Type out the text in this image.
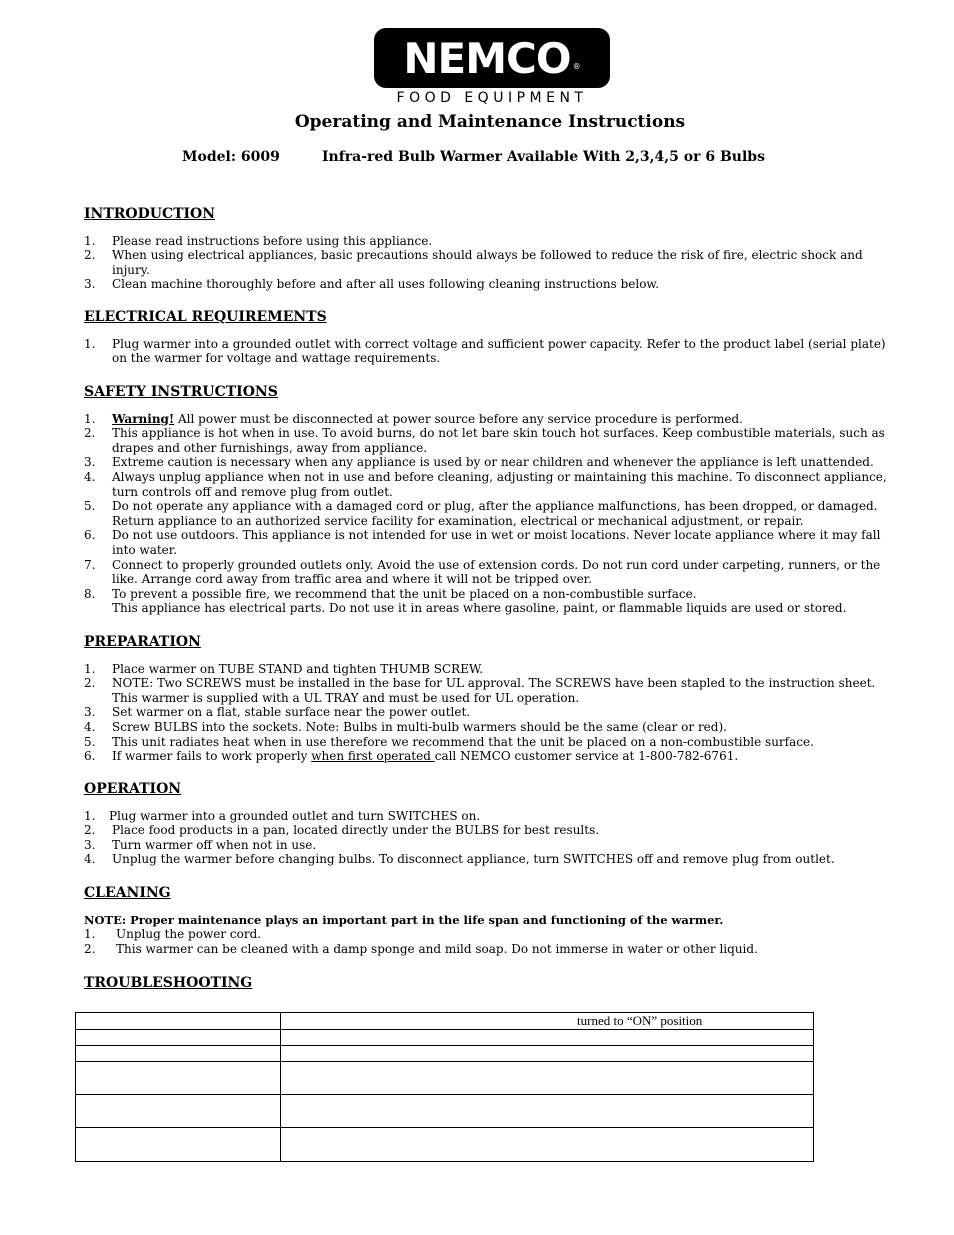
NEMCO ®
FOOD EQUIPMENT
Operating and Maintenance Instructions
Model: 6009	Infra-red Bulb Warmer Available With 2,3,4,5 or 6 Bulbs
INTRODUCTION
1. Please read instructions before using this appliance.
2. When using electrical appliances, basic precautions should always be followed to reduce the risk of fire, electric shock and injury.
3. Clean machine thoroughly before and after all uses following cleaning instructions below.
ELECTRICAL REQUIREMENTS
1. Plug warmer into a grounded outlet with correct voltage and sufficient power capacity. Refer to the product label (serial plate) on the warmer for voltage and wattage requirements.
SAFETY INSTRUCTIONS
1. Warning! All power must be disconnected at power source before any service procedure is performed.
2. This appliance is hot when in use. To avoid burns, do not let bare skin touch hot surfaces. Keep combustible materials, such as drapes and other furnishings, away from appliance.
3. Extreme caution is necessary when any appliance is used by or near children and whenever the appliance is left unattended.
4. Always unplug appliance when not in use and before cleaning, adjusting or maintaining this machine. To disconnect appliance, turn controls off and remove plug from outlet.
5. Do not operate any appliance with a damaged cord or plug, after the appliance malfunctions, has been dropped, or damaged. Return appliance to an authorized service facility for examination, electrical or mechanical adjustment, or repair.
6. Do not use outdoors. This appliance is not intended for use in wet or moist locations. Never locate appliance where it may fall into water.
7. Connect to properly grounded outlets only. Avoid the use of extension cords. Do not run cord under carpeting, runners, or the like. Arrange cord away from traffic area and where it will not be tripped over.
8. To prevent a possible fire, we recommend that the unit be placed on a non-combustible surface.
This appliance has electrical parts. Do not use it in areas where gasoline, paint, or flammable liquids are used or stored.
PREPARATION
1. Place warmer on TUBE STAND and tighten THUMB SCREW.
2. NOTE: Two SCREWS must be installed in the base for UL approval. The SCREWS have been stapled to the instruction sheet. This warmer is supplied with a UL TRAY and must be used for UL operation.
3. Set warmer on a flat, stable surface near the power outlet.
4. Screw BULBS into the sockets. Note: Bulbs in multi-bulb warmers should be the same (clear or red).
5. This unit radiates heat when in use therefore we recommend that the unit be placed on a non-combustible surface.
6. If warmer fails to work properly when first operated call NEMCO customer service at 1-800-782-6761.
OPERATION
1. Plug warmer into a grounded outlet and turn SWITCHES on.
2. Place food products in a pan, located directly under the BULBS for best results.
3. Turn warmer off when not in use.
4. Unplug the warmer before changing bulbs. To disconnect appliance, turn SWITCHES off and remove plug from outlet.
CLEANING
NOTE: Proper maintenance plays an important part in the life span and functioning of the warmer.
1. Unplug the power cord.
2. This warmer can be cleaned with a damp sponge and mild soap. Do not immerse in water or other liquid.
TROUBLESHOOTING

	turned to “ON” position
